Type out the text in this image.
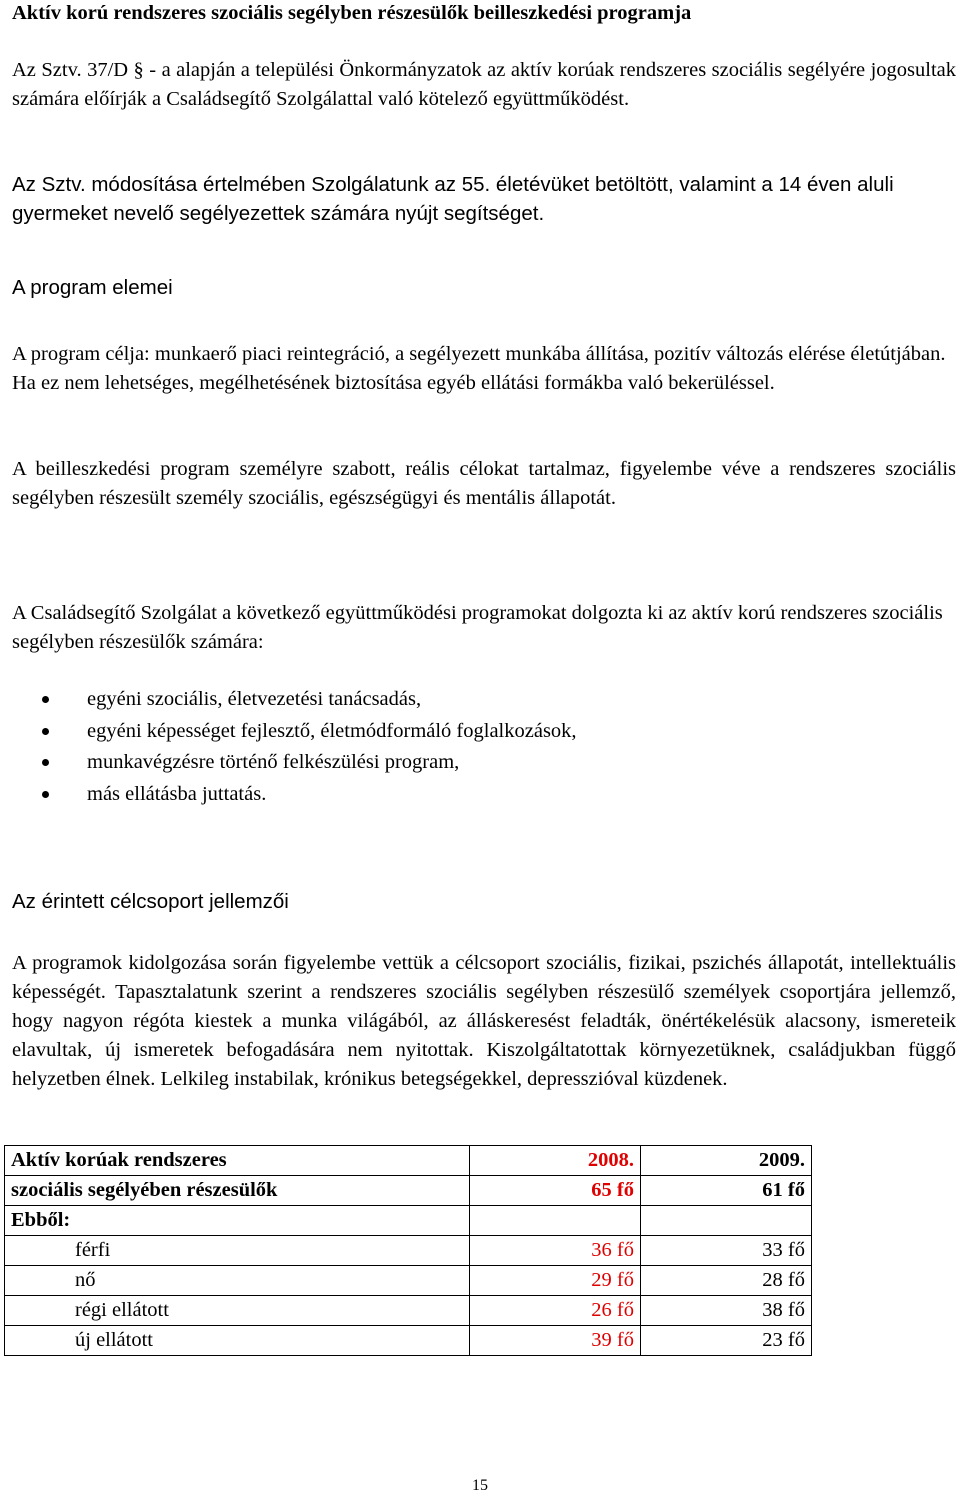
Aktív korú rendszeres szociális segélyben részesülők beilleszkedési programja
Az Sztv. 37/D § - a alapján a települési Önkormányzatok az aktív korúak rendszeres szociális segélyére jogosultak számára előírják a Családsegítő Szolgálattal való kötelező együttműködést.
Az Sztv. módosítása értelmében Szolgálatunk az 55. életévüket betöltött, valamint a 14 éven aluli gyermeket nevelő segélyezettek számára nyújt segítséget.
A program elemei
A program célja: munkaerő piaci reintegráció, a segélyezett munkába állítása, pozitív változás elérése életútjában. Ha ez nem lehetséges, megélhetésének biztosítása egyéb ellátási formákba való bekerüléssel.
A beilleszkedési program személyre szabott, reális célokat tartalmaz, figyelembe véve a rendszeres szociális segélyben részesült személy szociális, egészségügyi és mentális állapotát.
A Családsegítő Szolgálat a következő együttműködési programokat dolgozta ki az aktív korú rendszeres szociális segélyben részesülők számára:
egyéni szociális, életvezetési tanácsadás,
egyéni képességet fejlesztő, életmódformáló foglalkozások,
munkavégzésre történő felkészülési program,
más ellátásba juttatás.
Az érintett célcsoport jellemzői
A programok kidolgozása során figyelembe vettük a célcsoport szociális, fizikai, pszichés állapotát, intellektuális képességét. Tapasztalatunk szerint a rendszeres szociális segélyben részesülő személyek csoportjára jellemző, hogy nagyon régóta kiestek a munka világából, az álláskeresést feladták, önértékelésük alacsony, ismereteik elavultak, új ismeretek befogadására nem nyitottak. Kiszolgáltatottak környezetüknek, családjukban függő helyzetben élnek. Lelkileg instabilak, krónikus betegségekkel, depresszióval küzdenek.
Aktív korúak rendszeres	2008.	2009.
szociális segélyében részesülők	65 fő	61 fő
Ebből:		
férfi	36 fő	33 fő
nő	29 fő	28 fő
régi ellátott	26 fő	38 fő
új ellátott	39 fő	23 fő
15
